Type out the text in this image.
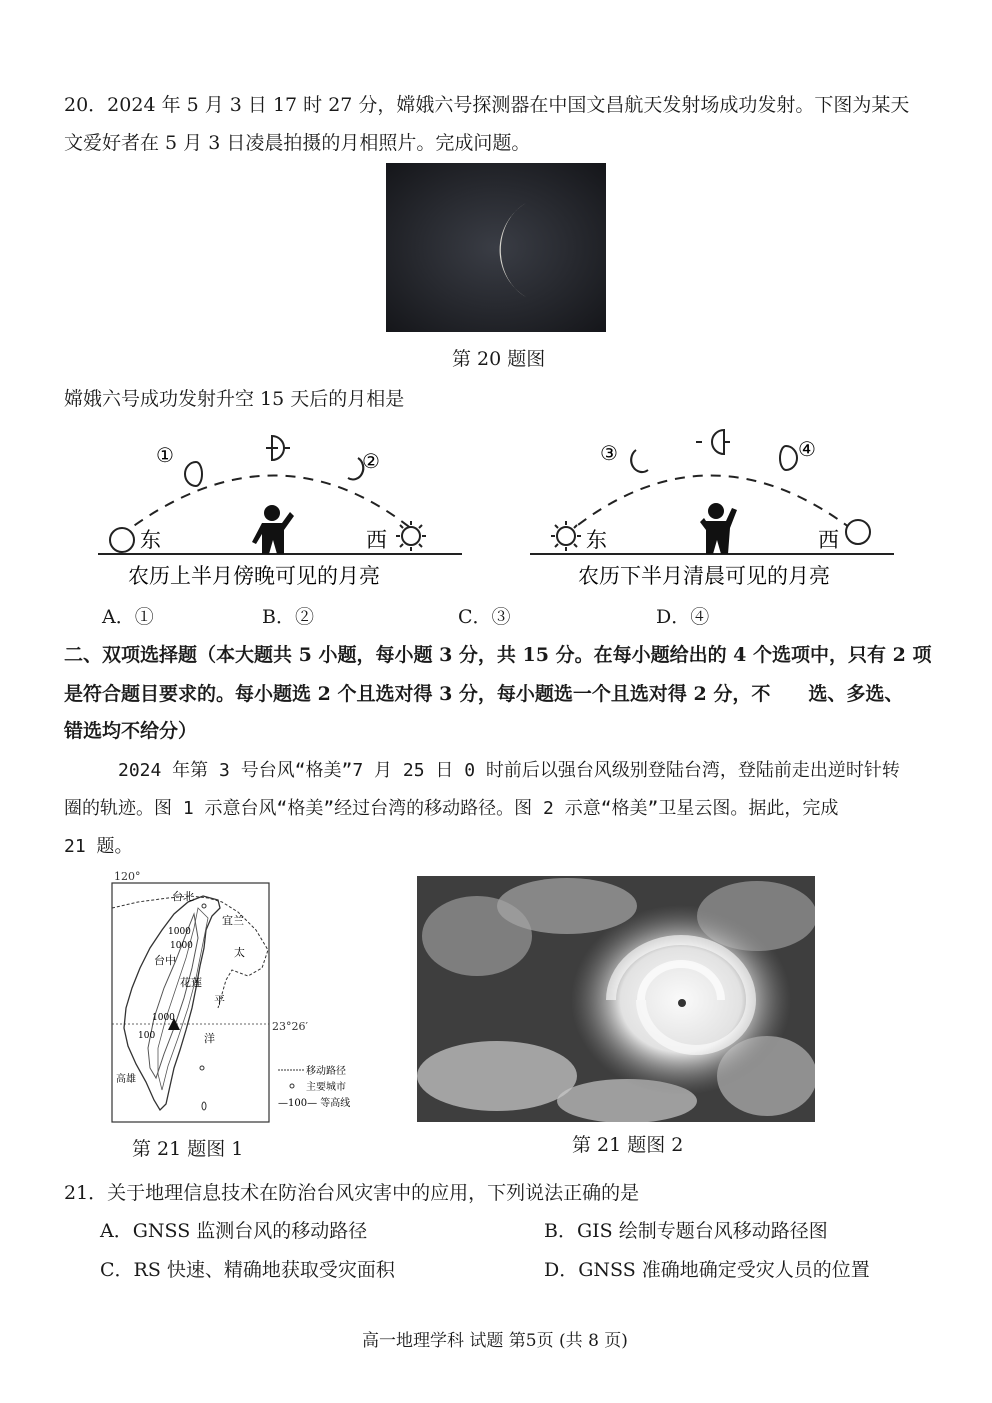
20．2024 年 5 月 3 日 17 时 27 分，嫦娥六号探测器在中国文昌航天发射场成功发射。下图为某天
文爱好者在 5 月 3 日凌晨拍摄的月相照片。完成问题。
第 20 题图
嫦娥六号成功发射升空 15 天后的月相是
东
①	②
西
农历上半月傍晚可见的月亮
东
③	④
西
农历下半月清晨可见的月亮
A．①	B．②	C．③	D．④
二、双项选择题（本大题共 5 小题，每小题 3 分，共 15 分。在每小题给出的 4 个选项中，只有 2 项
是符合题目要求的。每小题选 2 个且选对得 3 分，每小题选一个且选对得 2 分，不　　选、多选、
错选均不给分）
2024 年第 3 号台风“格美”7 月 25 日 0 时前后以强台风级别登陆台湾，登陆前走出逆时针转
圈的轨迹。图 1 示意台风“格美”经过台湾的移动路径。图 2 示意“格美”卫星云图。据此，完成
21 题。
120°
23°26′
台北
宜兰
台中
花莲
高雄
1000
1000
1000
100
太
平
洋
移动路径
主要城市
—100— 等高线
第 21 题图 1	第 21 题图 2
21．关于地理信息技术在防治台风灾害中的应用，下列说法正确的是
A．GNSS 监测台风的移动路径	B．GIS 绘制专题台风移动路径图
C．RS 快速、精确地获取受灾面积	D．GNSS 准确地确定受灾人员的位置
高一地理学科 试题 第5页 (共 8 页)
